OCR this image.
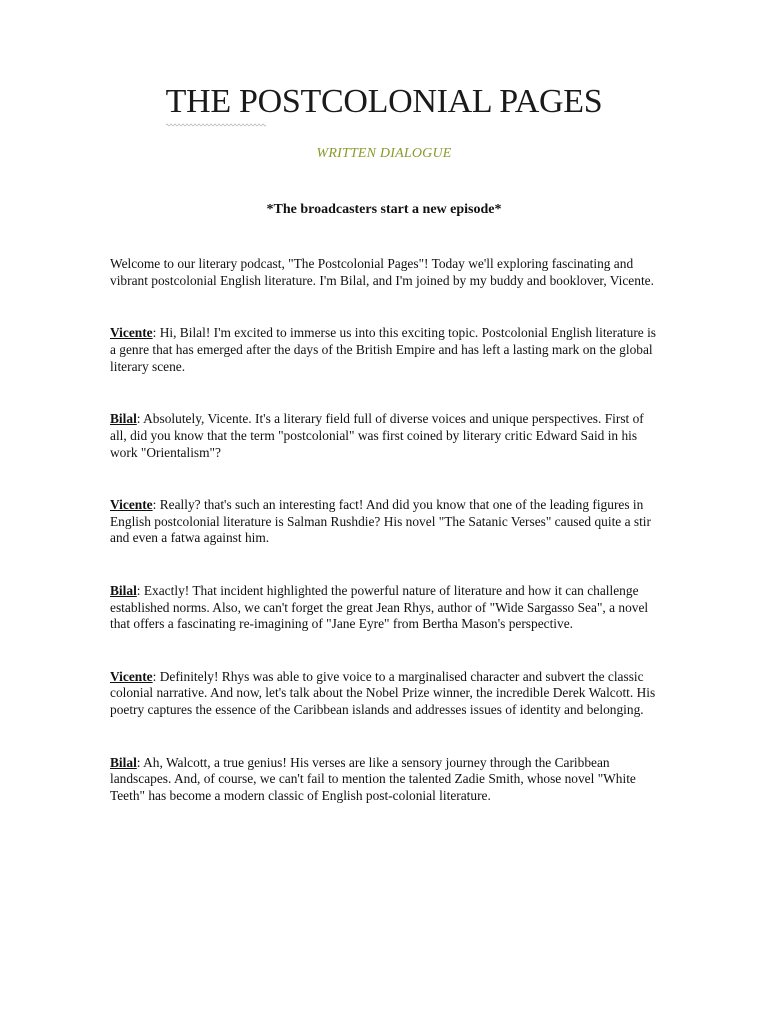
THE POSTCOLONIAL PAGES
WRITTEN DIALOGUE
*The broadcasters start a new episode*

Welcome to our literary podcast, "The Postcolonial Pages"! Today we'll exploring fascinating and vibrant postcolonial English literature. I'm Bilal, and I'm joined by my buddy and booklover, Vicente.

Vicente: Hi, Bilal! I'm excited to immerse us into this exciting topic. Postcolonial English literature is a genre that has emerged after the days of the British Empire and has left a lasting mark on the global literary scene.

Bilal: Absolutely, Vicente. It's a literary field full of diverse voices and unique perspectives. First of all, did you know that the term "postcolonial" was first coined by literary critic Edward Said in his work "Orientalism"?

Vicente: Really? that's such an interesting fact! And did you know that one of the leading figures in English postcolonial literature is Salman Rushdie? His novel "The Satanic Verses" caused quite a stir and even a fatwa against him.

Bilal: Exactly! That incident highlighted the powerful nature of literature and how it can challenge established norms. Also, we can't forget the great Jean Rhys, author of "Wide Sargasso Sea", a novel that offers a fascinating re-imagining of "Jane Eyre" from Bertha Mason's perspective.

Vicente: Definitely! Rhys was able to give voice to a marginalised character and subvert the classic colonial narrative. And now, let's talk about the Nobel Prize winner, the incredible Derek Walcott. His poetry captures the essence of the Caribbean islands and addresses issues of identity and belonging.

Bilal: Ah, Walcott, a true genius! His verses are like a sensory journey through the Caribbean landscapes. And, of course, we can't fail to mention the talented Zadie Smith, whose novel "White Teeth" has become a modern classic of English post-colonial literature.
